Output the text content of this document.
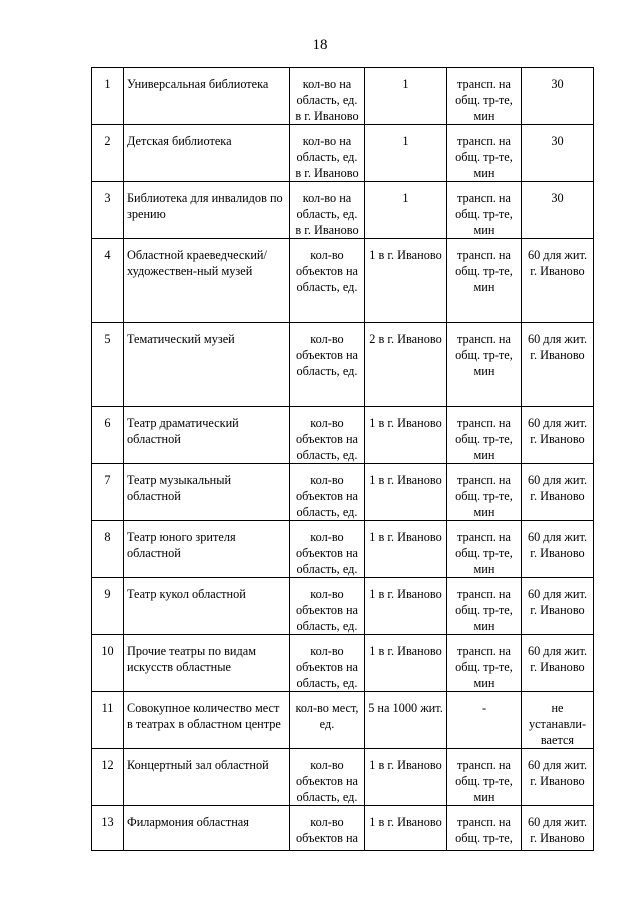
18
1	Универсальная библиотека	кол-во на область, ед. в г. Иваново	1	трансп. на общ. тр-те, мин	30
2	Детская библиотека	кол-во на область, ед. в г. Иваново	1	трансп. на общ. тр-те, мин	30
3	Библиотека для инвалидов по зрению	кол-во на область, ед. в г. Иваново	1	трансп. на общ. тр-те, мин	30
4	Областной краеведческий/художествен-ный музей	кол-во объектов на область, ед.	1 в г. Иваново	трансп. на общ. тр-те, мин	60 для жит. г. Иваново
5	Тематический музей	кол-во объектов на область, ед.	2 в г. Иваново	трансп. на общ. тр-те, мин	60 для жит. г. Иваново
6	Театр драматический областной	кол-во объектов на область, ед.	1 в г. Иваново	трансп. на общ. тр-те, мин	60 для жит. г. Иваново
7	Театр музыкальный областной	кол-во объектов на область, ед.	1 в г. Иваново	трансп. на общ. тр-те, мин	60 для жит. г. Иваново
8	Театр юного зрителя областной	кол-во объектов на область, ед.	1 в г. Иваново	трансп. на общ. тр-те, мин	60 для жит. г. Иваново
9	Театр кукол областной	кол-во объектов на область, ед.	1 в г. Иваново	трансп. на общ. тр-те, мин	60 для жит. г. Иваново
10	Прочие театры по видам искусств областные	кол-во объектов на область, ед.	1 в г. Иваново	трансп. на общ. тр-те, мин	60 для жит. г. Иваново
11	Совокупное количество мест в театрах в областном центре	кол-во мест, ед.	5 на 1000 жит.	-	не устанавли-вается
12	Концертный зал областной	кол-во объектов на область, ед.	1 в г. Иваново	трансп. на общ. тр-те, мин	60 для жит. г. Иваново
13	Филармония областная	кол-во объектов на	1 в г. Иваново	трансп. на общ. тр-те,	60 для жит. г. Иваново
